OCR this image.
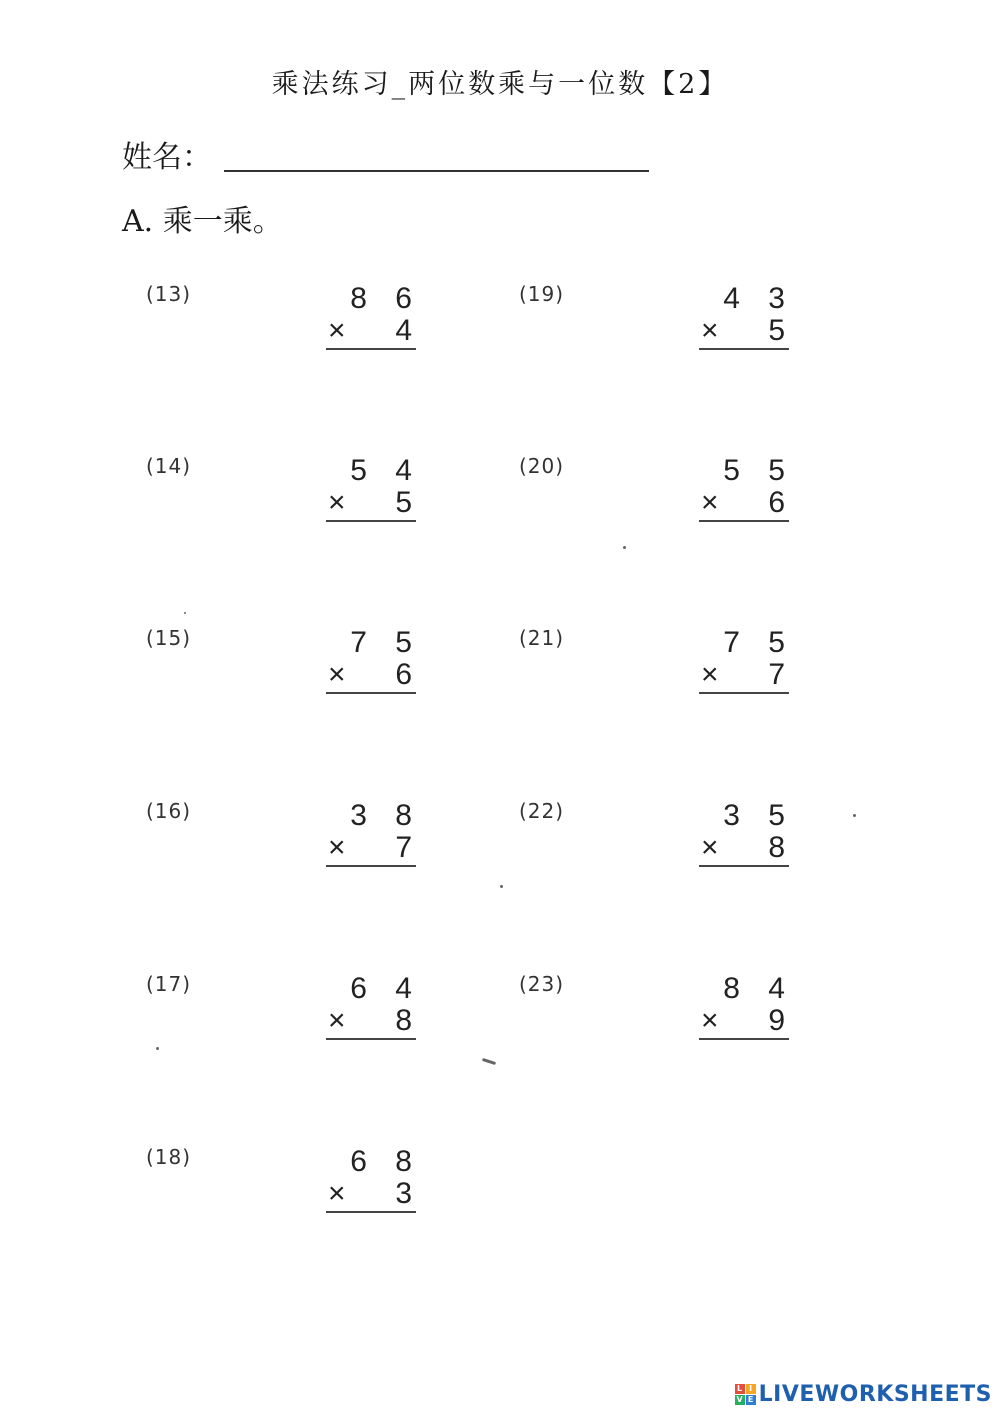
乘法练习_两位数乘与一位数【2】
姓名：
A. 乘一乘。
(13)	8 6
× 4
(14)	5 4
× 5
(15)	7 5
× 6
(16)	3 8
× 7
(17)	6 4
× 8
(18)	6 8
× 3
(19)	4 3
× 5
(20)	5 5
× 6
(21)	7 5
× 7
(22)	3 5
× 8
(23)	8 4
× 9
L I
V E LIVEWORKSHEETS
